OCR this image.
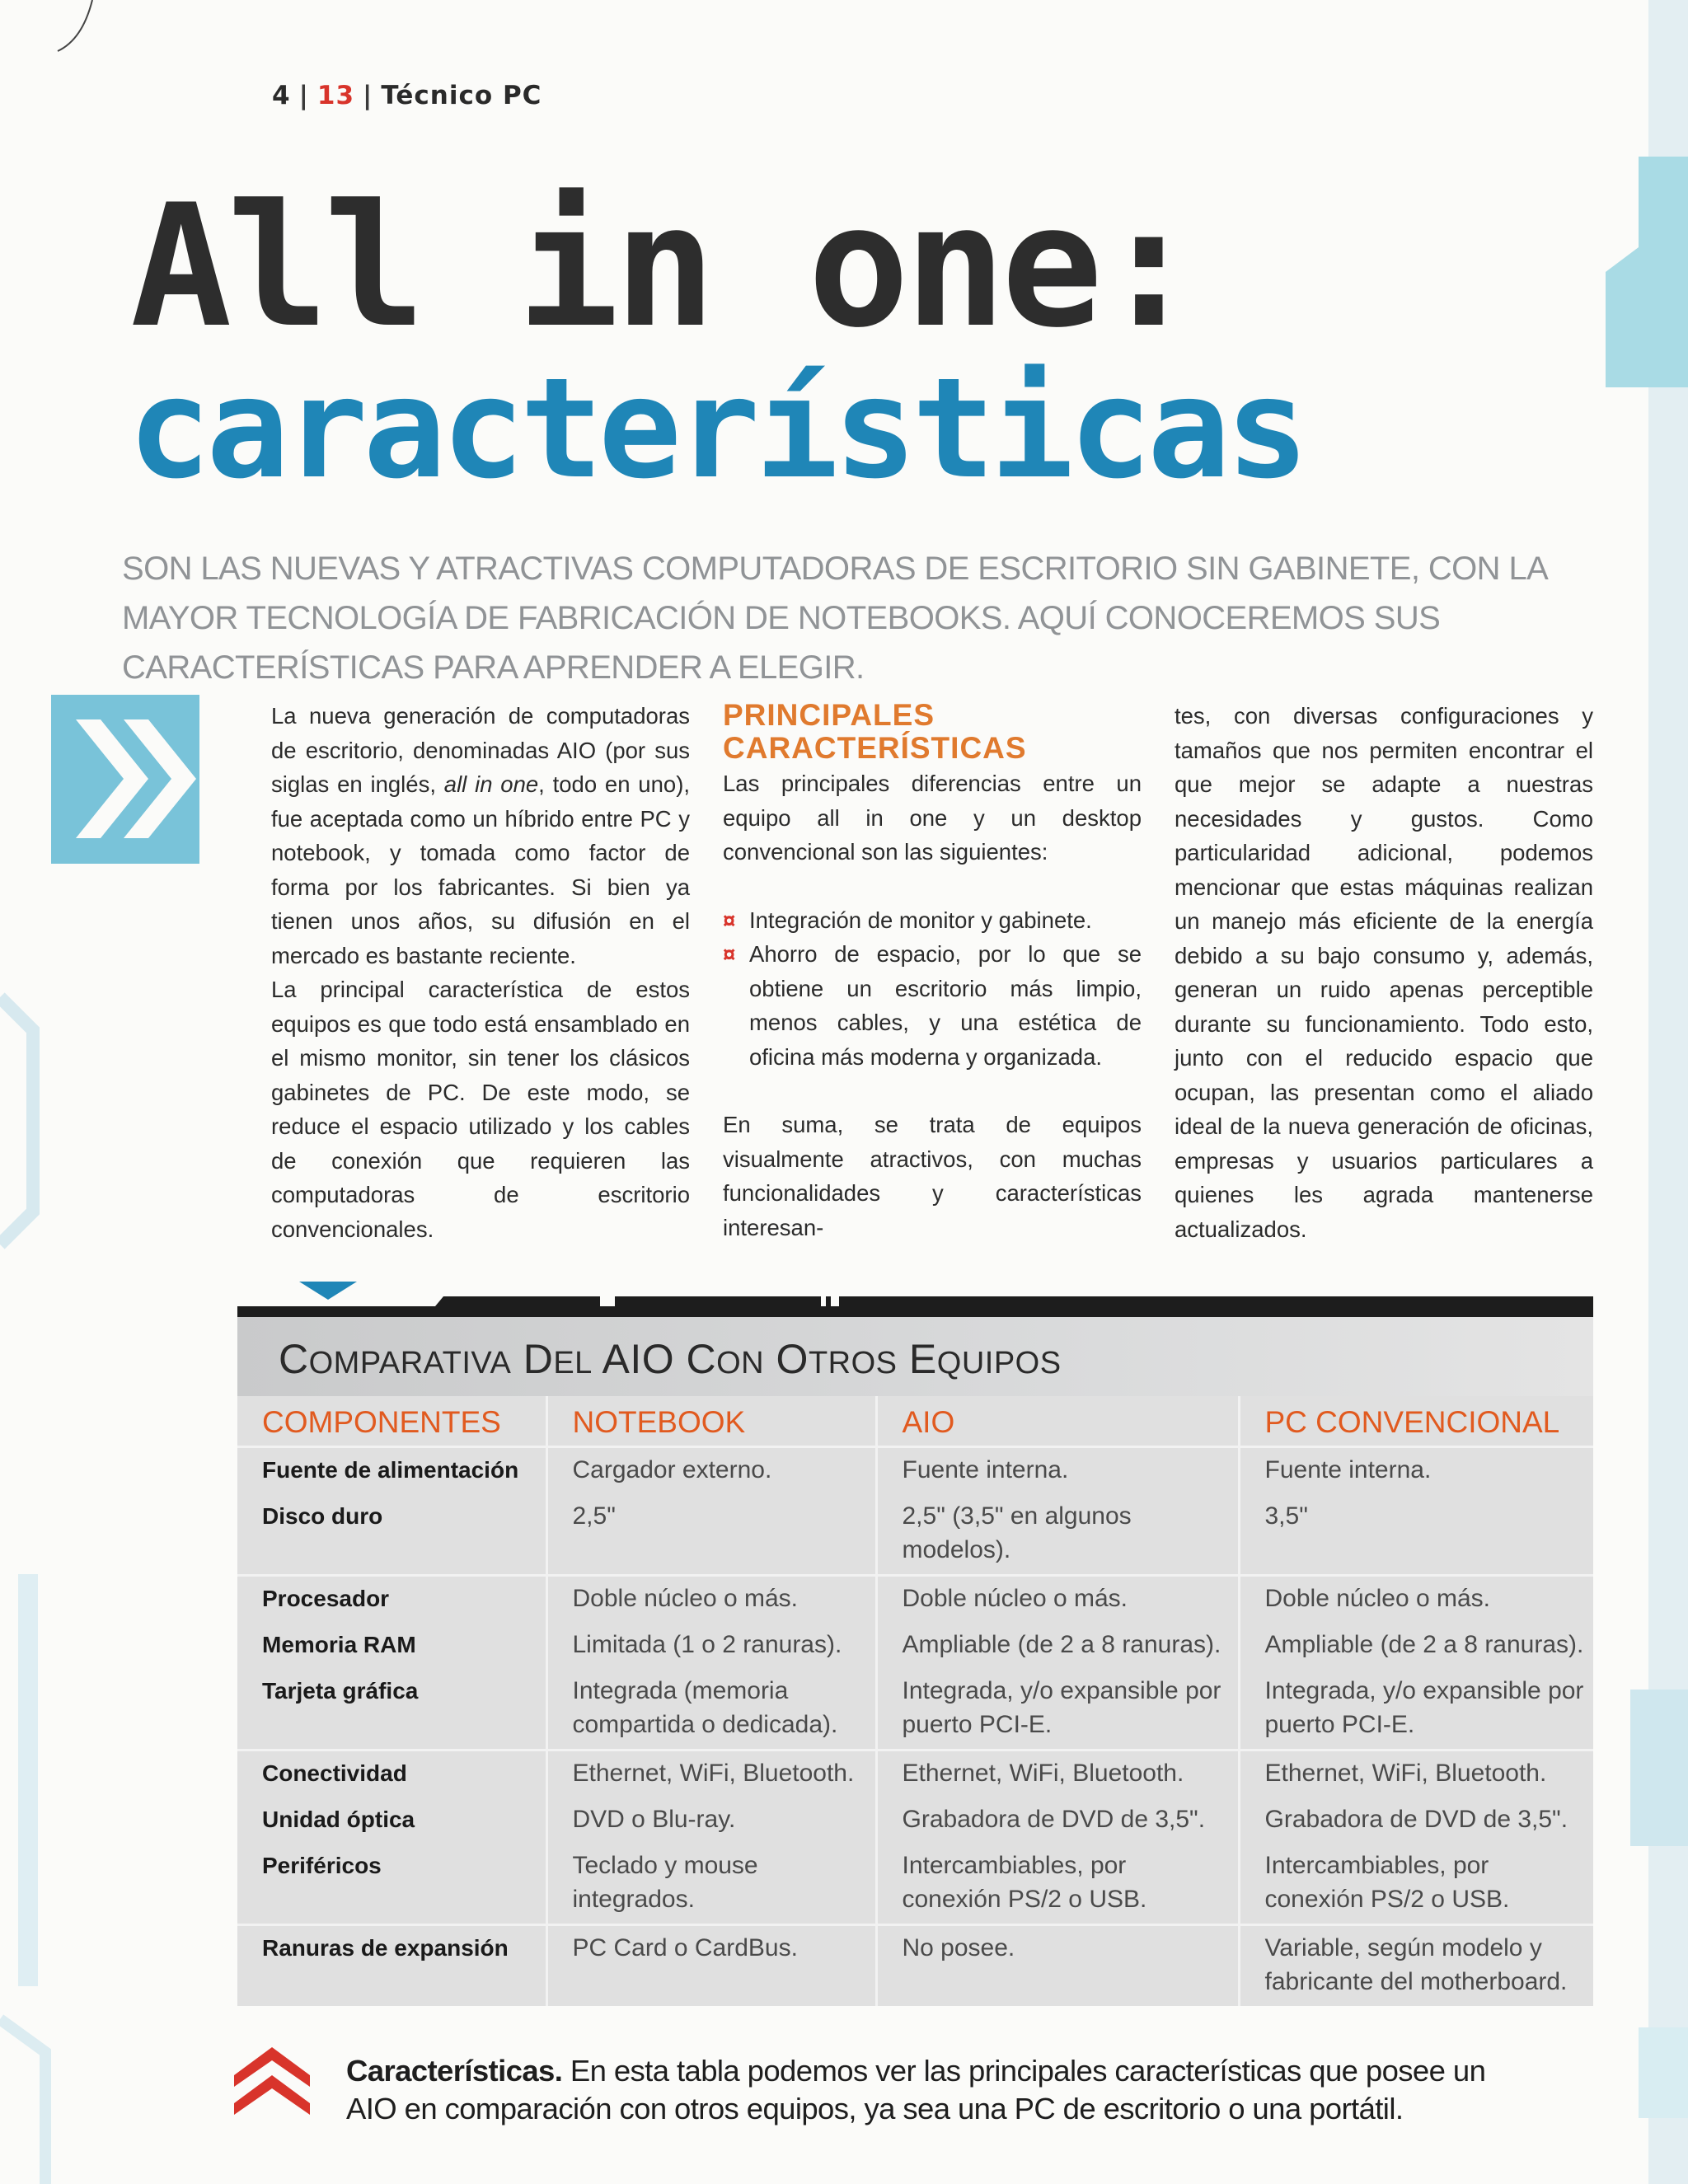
4 | 13 | Técnico PC
All in one:
características
SON LAS NUEVAS Y ATRACTIVAS COMPUTADORAS DE ESCRITORIO SIN GABINETE, CON LA MAYOR TECNOLOGÍA DE FABRICACIÓN DE NOTEBOOKS. AQUÍ CONOCEREMOS SUS CARACTERÍSTICAS PARA APRENDER A ELEGIR.

La nueva generación de computadoras de escritorio, denominadas AIO (por sus siglas en inglés, all in one, todo en uno), fue aceptada como un híbrido entre PC y notebook, y tomada como factor de forma por los fabricantes. Si bien ya tienen unos años, su difusión en el mercado es bastante reciente.

La principal característica de estos equipos es que todo está ensamblado en el mismo monitor, sin tener los clásicos gabinetes de PC. De este modo, se reduce el espacio utilizado y los cables de conexión que requieren las computadoras de escritorio convencionales.

PRINCIPALES
CARACTERÍSTICAS

Las principales diferencias entre un equipo all in one y un desktop convencional son las siguientes:

¤ Integración de monitor y gabinete.
¤ Ahorro de espacio, por lo que se obtiene un escritorio más limpio, menos cables, y una estética de oficina más moderna y organizada.

En suma, se trata de equipos visualmente atractivos, con muchas funcionalidades y características interesan-

tes, con diversas configuraciones y tamaños que nos permiten encontrar el que mejor se adapte a nuestras necesidades y gustos. Como particularidad adicional, podemos mencionar que estas máquinas realizan un manejo más eficiente de la energía debido a su bajo consumo y, además, generan un ruido apenas perceptible durante su funcionamiento. Todo esto, junto con el reducido espacio que ocupan, las presentan como el aliado ideal de la nueva generación de oficinas, empresas y usuarios particulares a quienes les agrada mantenerse actualizados.

COMPARATIVA DEL AIO CON OTROS EQUIPOS
COMPONENTES	NOTEBOOK	AIO	PC CONVENCIONAL
Fuente de alimentación	Cargador externo.	Fuente interna.	Fuente interna.
Disco duro	2,5"	2,5" (3,5" en algunos modelos).	3,5"
Procesador	Doble núcleo o más.	Doble núcleo o más.	Doble núcleo o más.
Memoria RAM	Limitada (1 o 2 ranuras).	Ampliable (de 2 a 8 ranuras).	Ampliable (de 2 a 8 ranuras).
Tarjeta gráfica	Integrada (memoria compartida o dedicada).	Integrada, y/o expansible por puerto PCI-E.	Integrada, y/o expansible por puerto PCI-E.
Conectividad	Ethernet, WiFi, Bluetooth.	Ethernet, WiFi, Bluetooth.	Ethernet, WiFi, Bluetooth.
Unidad óptica	DVD o Blu-ray.	Grabadora de DVD de 3,5".	Grabadora de DVD de 3,5".
Periféricos	Teclado y mouse integrados.	Intercambiables, por conexión PS/2 o USB.	Intercambiables, por conexión PS/2 o USB.
Ranuras de expansión	PC Card o CardBus.	No posee.	Variable, según modelo y fabricante del motherboard.
Características. En esta tabla podemos ver las principales características que posee un AIO en comparación con otros equipos, ya sea una PC de escritorio o una portátil.
